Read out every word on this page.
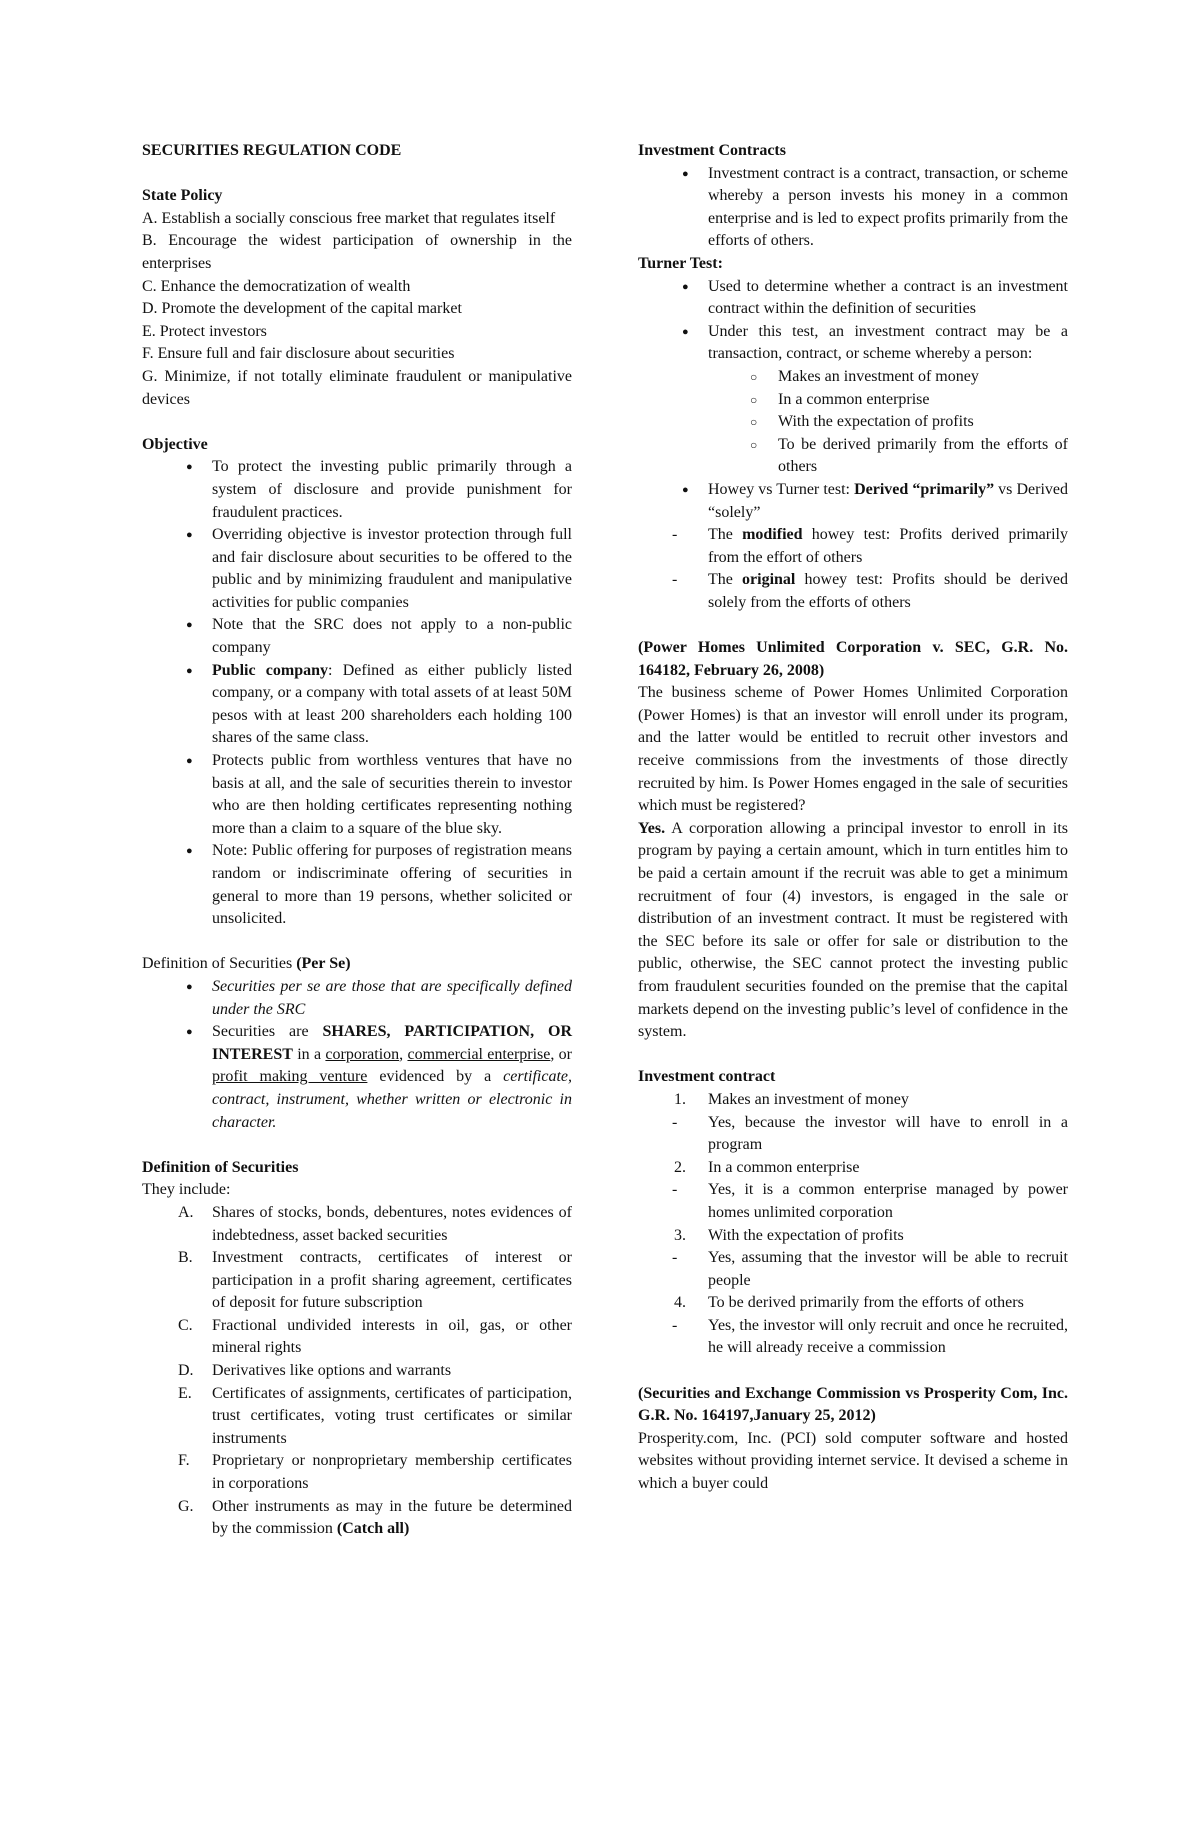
SECURITIES REGULATION CODE

State Policy

A. Establish a socially conscious free market that regulates itself

B. Encourage the widest participation of ownership in the enterprises

C. Enhance the democratization of wealth

D. Promote the development of the capital market

E. Protect investors

F. Ensure full and fair disclosure about securities

G. Minimize, if not totally eliminate fraudulent or manipulative devices

Objective

● To protect the investing public primarily through a system of disclosure and provide punishment for fraudulent practices.
● Overriding objective is investor protection through full and fair disclosure about securities to be offered to the public and by minimizing fraudulent and manipulative activities for public companies
● Note that the SRC does not apply to a non-public company
● Public company: Defined as either publicly listed company, or a company with total assets of at least 50M pesos with at least 200 shareholders each holding 100 shares of the same class.
● Protects public from worthless ventures that have no basis at all, and the sale of securities therein to investor who are then holding certificates representing nothing more than a claim to a square of the blue sky.
● Note: Public offering for purposes of registration means random or indiscriminate offering of securities in general to more than 19 persons, whether solicited or unsolicited.

Definition of Securities (Per Se)

● Securities per se are those that are specifically defined under the SRC
● Securities are SHARES, PARTICIPATION, OR INTEREST in a corporation, commercial enterprise, or profit making venture evidenced by a certificate, contract, instrument, whether written or electronic in character.

Definition of Securities

They include:

A. Shares of stocks, bonds, debentures, notes evidences of indebtedness, asset backed securities
B. Investment contracts, certificates of interest or participation in a profit sharing agreement, certificates of deposit for future subscription
C. Fractional undivided interests in oil, gas, or other mineral rights
D. Derivatives like options and warrants
E. Certificates of assignments, certificates of participation, trust certificates, voting trust certificates or similar instruments
F. Proprietary or nonproprietary membership certificates in corporations
G. Other instruments as may in the future be determined by the commission (Catch all)

Investment Contracts

● Investment contract is a contract, transaction, or scheme whereby a person invests his money in a common enterprise and is led to expect profits primarily from the efforts of others.

Turner Test:

● Used to determine whether a contract is an investment contract within the definition of securities
● Under this test, an investment contract may be a transaction, contract, or scheme whereby a person:
○ Makes an investment of money
○ In a common enterprise
○ With the expectation of profits
○ To be derived primarily from the efforts of others
● Howey vs Turner test: Derived “primarily” vs Derived “solely”
- The modified howey test: Profits derived primarily from the effort of others
- The original howey test: Profits should be derived solely from the efforts of others

(Power Homes Unlimited Corporation v. SEC, G.R. No. 164182, February 26, 2008)

The business scheme of Power Homes Unlimited Corporation (Power Homes) is that an investor will enroll under its program, and the latter would be entitled to recruit other investors and receive commissions from the investments of those directly recruited by him. Is Power Homes engaged in the sale of securities which must be registered?

Yes. A corporation allowing a principal investor to enroll in its program by paying a certain amount, which in turn entitles him to be paid a certain amount if the recruit was able to get a minimum recruitment of four (4) investors, is engaged in the sale or distribution of an investment contract. It must be registered with the SEC before its sale or offer for sale or distribution to the public, otherwise, the SEC cannot protect the investing public from fraudulent securities founded on the premise that the capital markets depend on the investing public’s level of confidence in the system.

Investment contract

1. Makes an investment of money
- Yes, because the investor will have to enroll in a program
2. In a common enterprise
- Yes, it is a common enterprise managed by power homes unlimited corporation
3. With the expectation of profits
- Yes, assuming that the investor will be able to recruit people
4. To be derived primarily from the efforts of others
- Yes, the investor will only recruit and once he recruited, he will already receive a commission

(Securities and Exchange Commission vs Prosperity Com, Inc. G.R. No. 164197,January 25, 2012)

Prosperity.com, Inc. (PCI) sold computer software and hosted websites without providing internet service. It devised a scheme in which a buyer could
